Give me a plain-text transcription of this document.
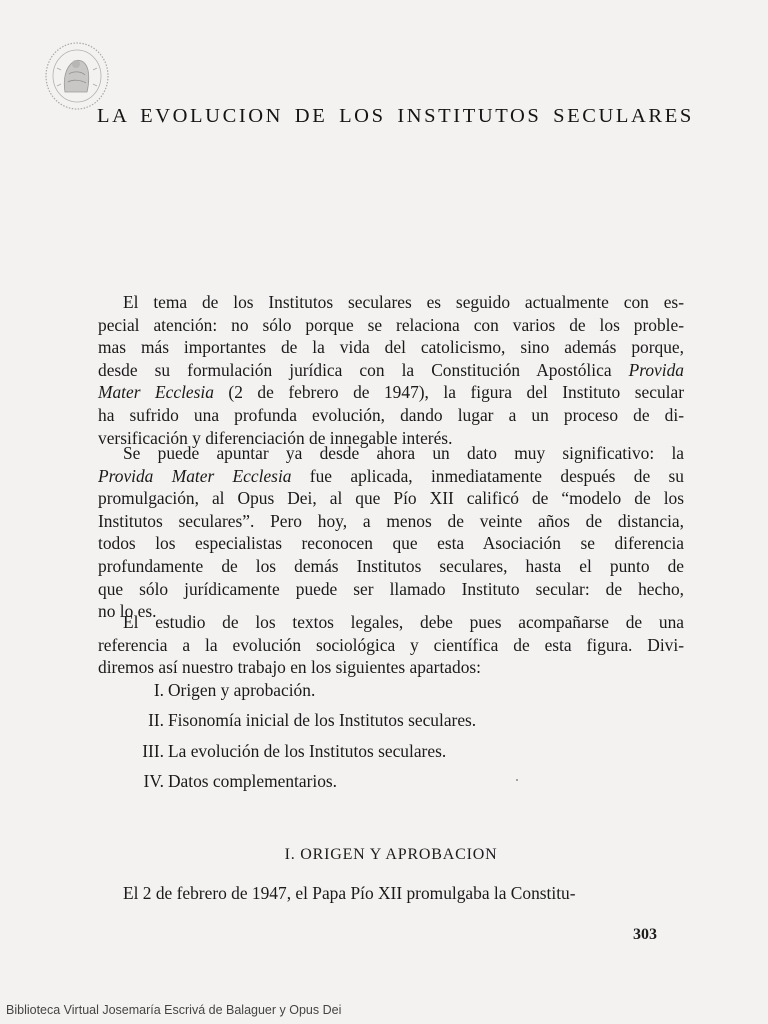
LA EVOLUCION DE LOS INSTITUTOS SECULARES
El tema de los Institutos seculares es seguido actualmente con es-
pecial atención: no sólo porque se relaciona con varios de los proble-
mas más importantes de la vida del catolicismo, sino además porque,
desde su formulación jurídica con la Constitución Apostólica Provida
Mater Ecclesia (2 de febrero de 1947), la figura del Instituto secular
ha sufrido una profunda evolución, dando lugar a un proceso de di-
versificación y diferenciación de innegable interés.
Se puede apuntar ya desde ahora un dato muy significativo: la
Provida Mater Ecclesia fue aplicada, inmediatamente después de su
promulgación, al Opus Dei, al que Pío XII calificó de “modelo de los
Institutos seculares”. Pero hoy, a menos de veinte años de distancia,
todos los especialistas reconocen que esta Asociación se diferencia
profundamente de los demás Institutos seculares, hasta el punto de
que sólo jurídicamente puede ser llamado Instituto secular: de hecho,
no lo es.
El estudio de los textos legales, debe pues acompañarse de una
referencia a la evolución sociológica y científica de esta figura. Divi-
diremos así nuestro trabajo en los siguientes apartados:
I. Origen y aprobación.
II. Fisonomía inicial de los Institutos seculares.
III. La evolución de los Institutos seculares.
IV. Datos complementarios.
I. ORIGEN Y APROBACION
El 2 de febrero de 1947, el Papa Pío XII promulgaba la Constitu-
303
Biblioteca Virtual Josemaría Escrivá de Balaguer y Opus Dei
